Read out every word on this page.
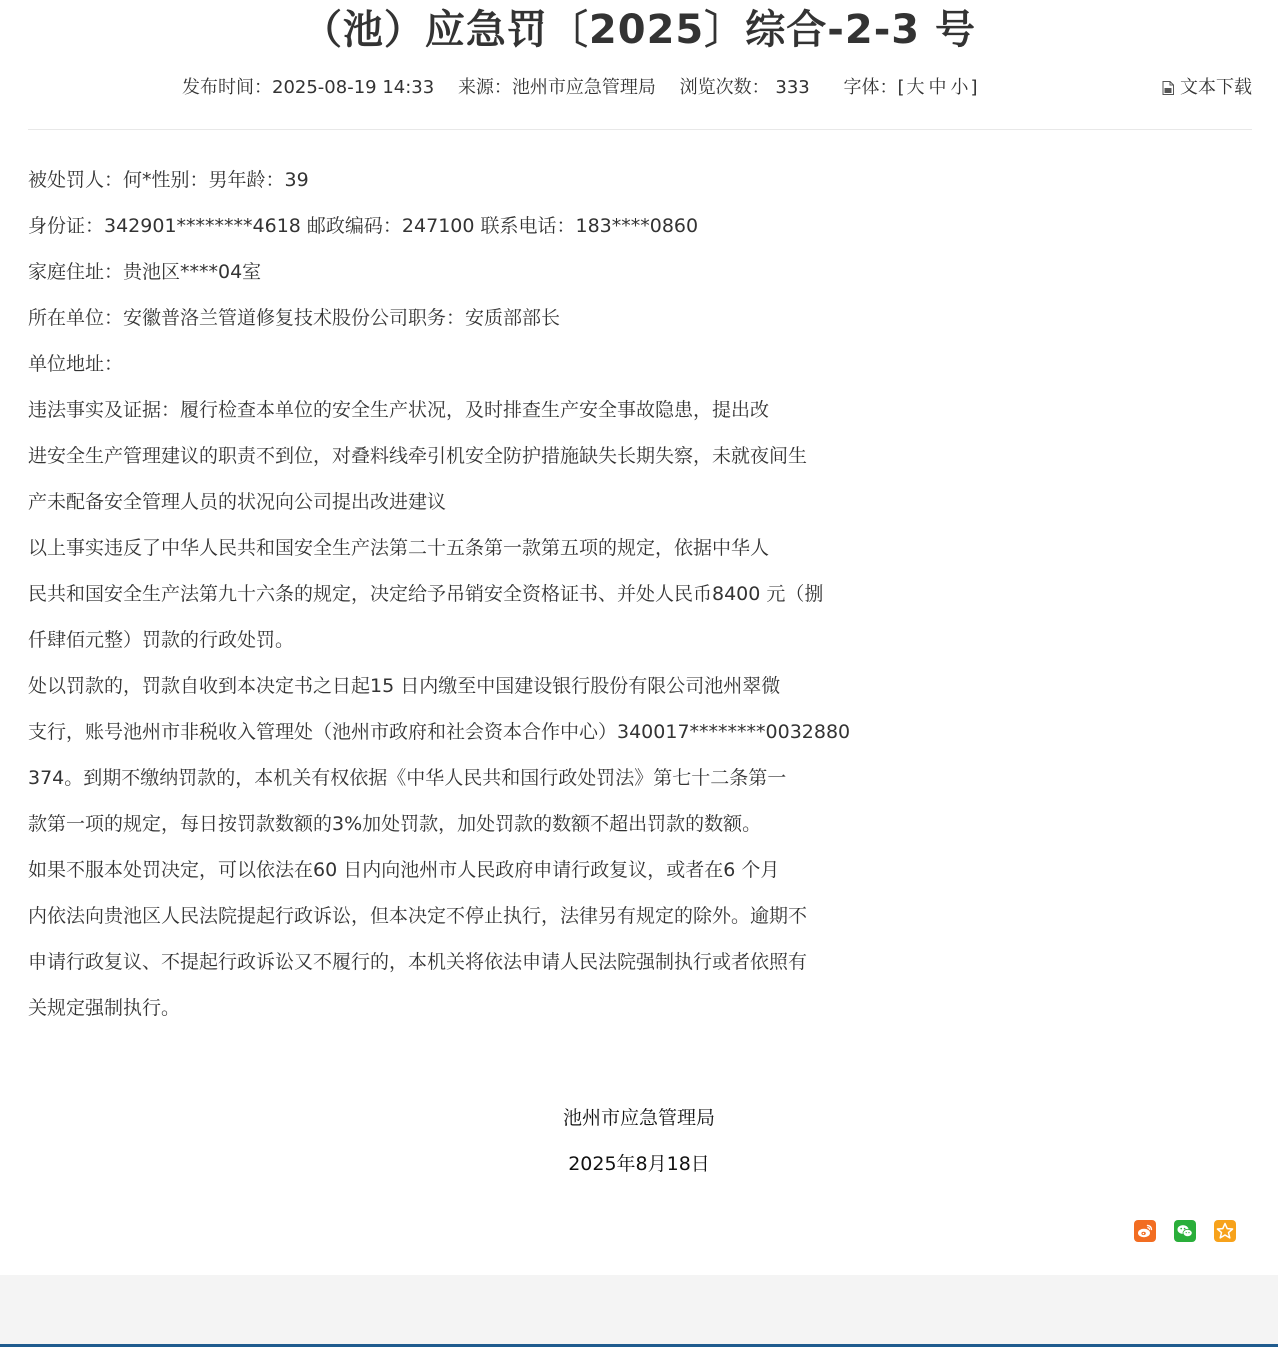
（池）应急罚〔2025〕综合-2-3 号
发布时间：2025-08-19 14:33 来源：池州市应急管理局 浏览次数： 333 字体：[ 大 中 小 ]	文本下载

被处罚人：何*性别：男年龄：39

身份证：342901********4618 邮政编码：247100 联系电话：183****0860

家庭住址：贵池区****04室

所在单位：安徽普洛兰管道修复技术股份公司职务：安质部部长

单位地址：

违法事实及证据：履行检查本单位的安全生产状况，及时排查生产安全事故隐患，提出改

进安全生产管理建议的职责不到位，对叠料线牵引机安全防护措施缺失长期失察，未就夜间生

产未配备安全管理人员的状况向公司提出改进建议

以上事实违反了中华人民共和国安全生产法第二十五条第一款第五项的规定，依据中华人

民共和国安全生产法第九十六条的规定，决定给予吊销安全资格证书、并处人民币8400 元（捌

仟肆佰元整）罚款的行政处罚。

处以罚款的，罚款自收到本决定书之日起15 日内缴至中国建设银行股份有限公司池州翠微

支行，账号池州市非税收入管理处（池州市政府和社会资本合作中心）340017********0032880

374。到期不缴纳罚款的，本机关有权依据《中华人民共和国行政处罚法》第七十二条第一

款第一项的规定，每日按罚款数额的3%加处罚款，加处罚款的数额不超出罚款的数额。

如果不服本处罚决定，可以依法在60 日内向池州市人民政府申请行政复议，或者在6 个月

内依法向贵池区人民法院提起行政诉讼，但本决定不停止执行，法律另有规定的除外。逾期不

申请行政复议、不提起行政诉讼又不履行的，本机关将依法申请人民法院强制执行或者依照有

关规定强制执行。

池州市应急管理局
2025年8月18日
